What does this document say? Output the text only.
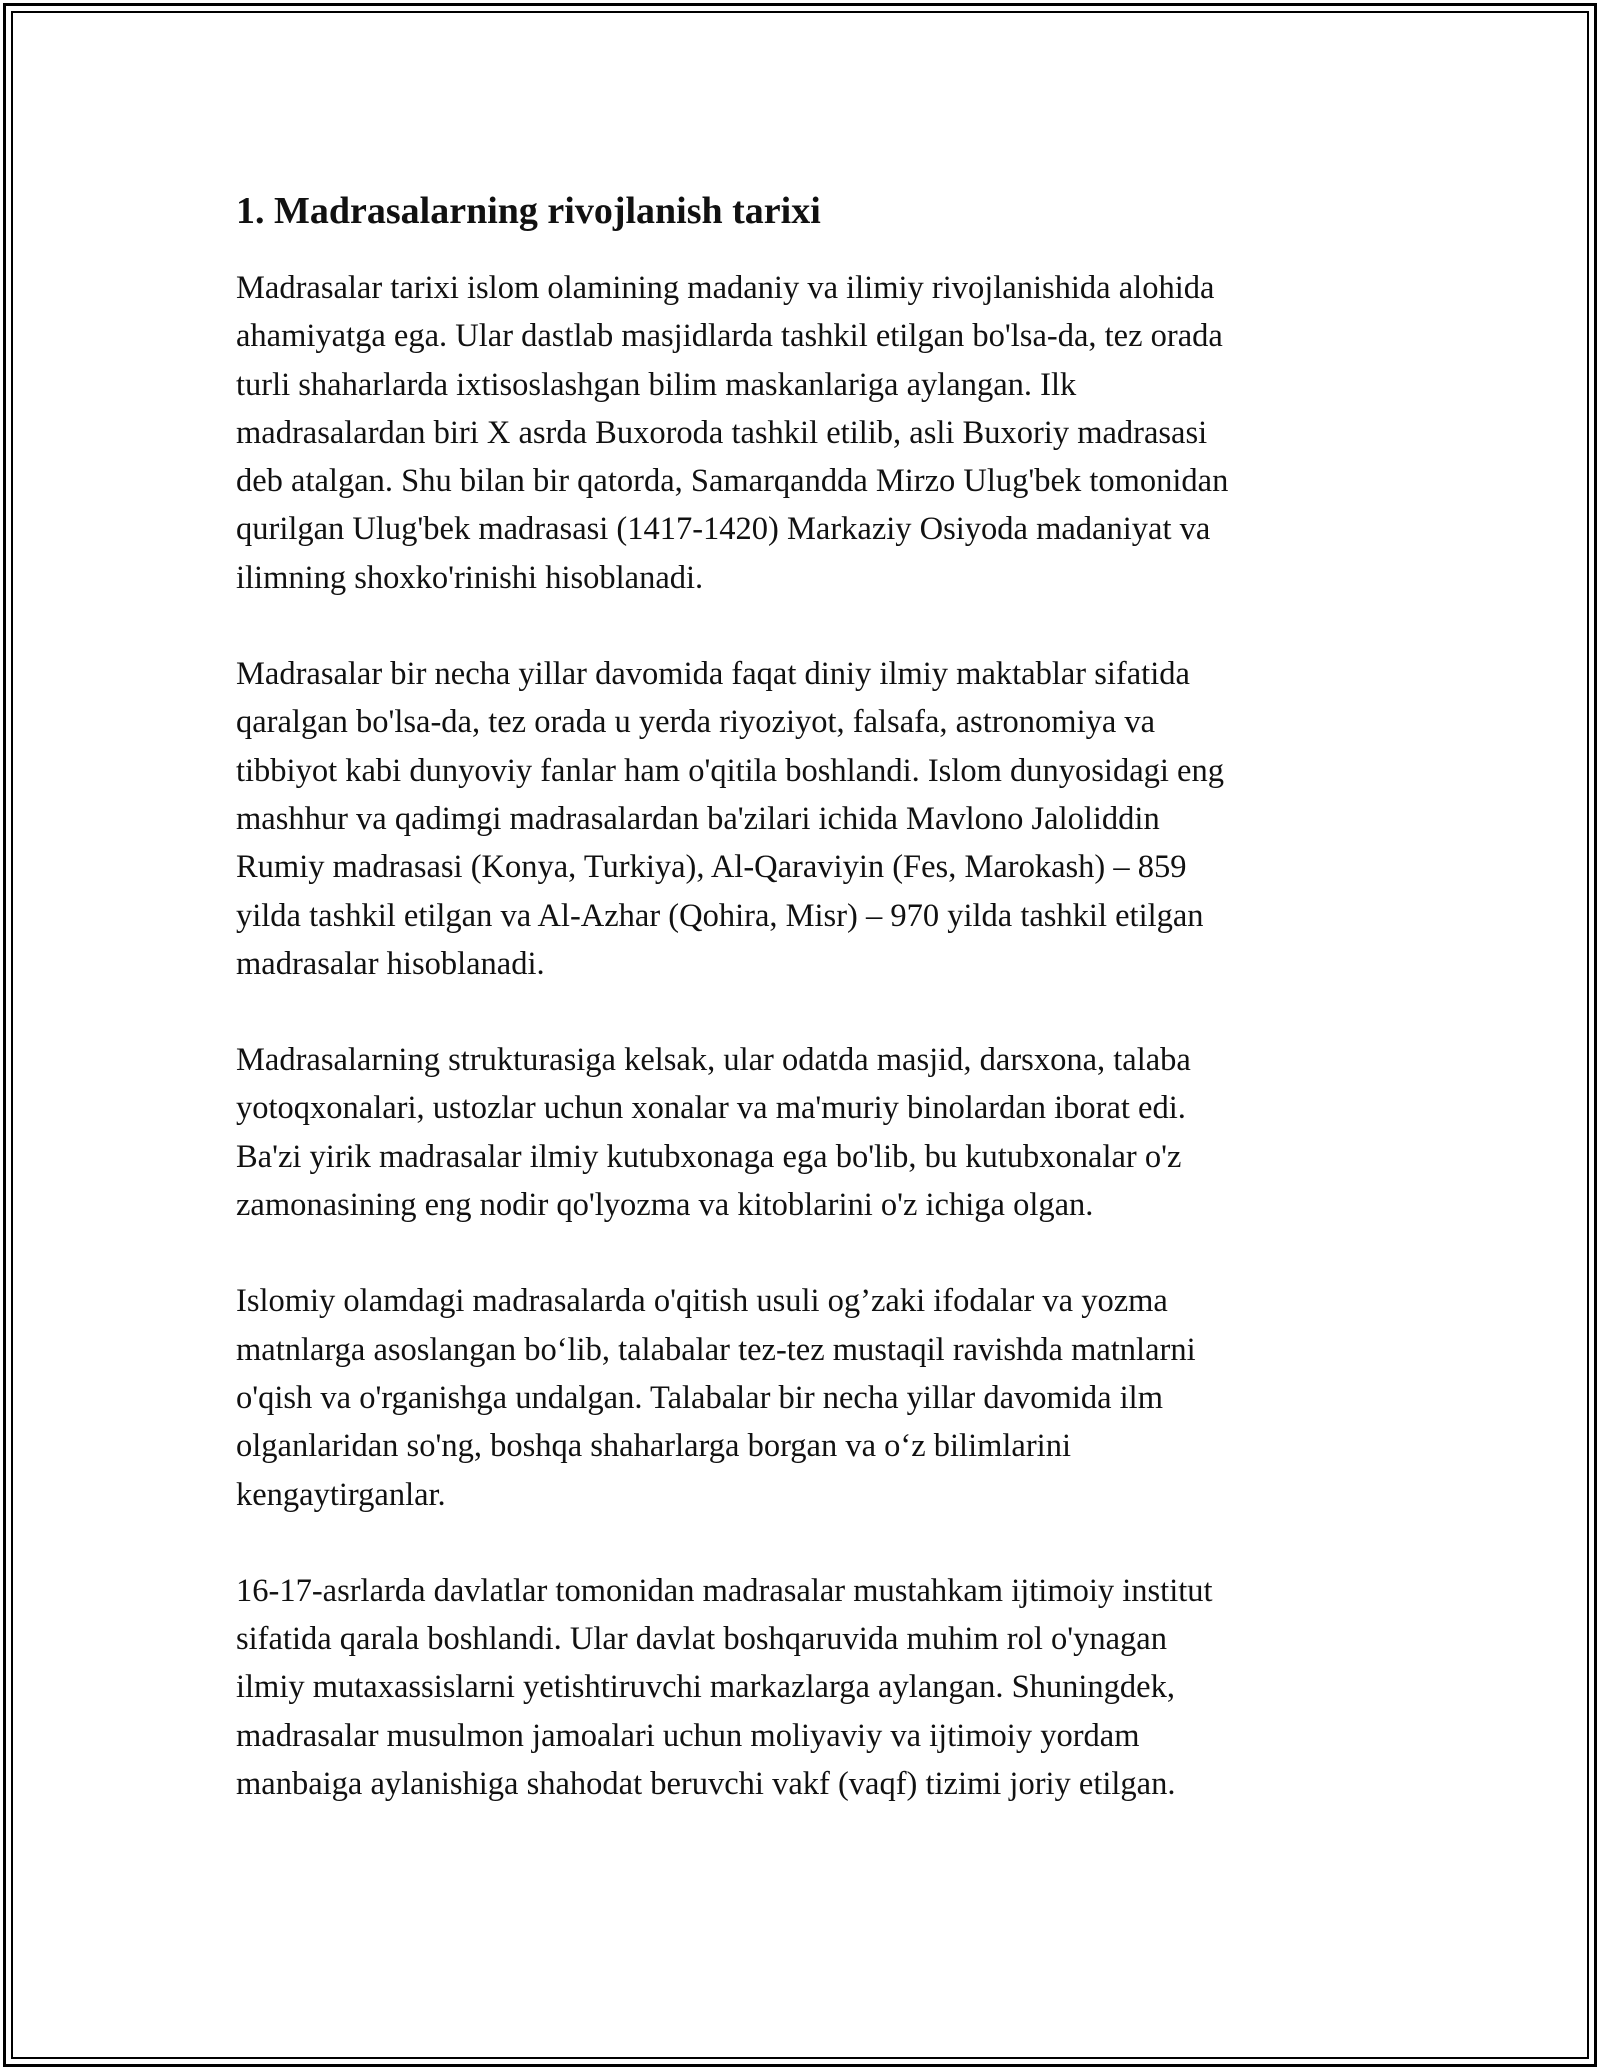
1. Madrasalarning rivojlanish tarixi

Madrasalar tarixi islom olamining madaniy va ilimiy rivojlanishida alohida
ahamiyatga ega. Ular dastlab masjidlarda tashkil etilgan bo'lsa-da, tez orada
turli shaharlarda ixtisoslashgan bilim maskanlariga aylangan. Ilk
madrasalardan biri X asrda Buxoroda tashkil etilib, asli Buxoriy madrasasi
deb atalgan. Shu bilan bir qatorda, Samarqandda Mirzo Ulug'bek tomonidan
qurilgan Ulug'bek madrasasi (1417-1420) Markaziy Osiyoda madaniyat va
ilimning shoxko'rinishi hisoblanadi.

Madrasalar bir necha yillar davomida faqat diniy ilmiy maktablar sifatida
qaralgan bo'lsa-da, tez orada u yerda riyoziyot, falsafa, astronomiya va
tibbiyot kabi dunyoviy fanlar ham o'qitila boshlandi. Islom dunyosidagi eng
mashhur va qadimgi madrasalardan ba'zilari ichida Mavlono Jaloliddin
Rumiy madrasasi (Konya, Turkiya), Al-Qaraviyin (Fes, Marokash) – 859
yilda tashkil etilgan va Al-Azhar (Qohira, Misr) – 970 yilda tashkil etilgan
madrasalar hisoblanadi.

Madrasalarning strukturasiga kelsak, ular odatda masjid, darsxona, talaba
yotoqxonalari, ustozlar uchun xonalar va ma'muriy binolardan iborat edi.
Ba'zi yirik madrasalar ilmiy kutubxonaga ega bo'lib, bu kutubxonalar o'z
zamonasining eng nodir qo'lyozma va kitoblarini o'z ichiga olgan.

Islomiy olamdagi madrasalarda o'qitish usuli og’zaki ifodalar va yozma
matnlarga asoslangan bo‘lib, talabalar tez-tez mustaqil ravishda matnlarni
o'qish va o'rganishga undalgan. Talabalar bir necha yillar davomida ilm
olganlaridan so'ng, boshqa shaharlarga borgan va o‘z bilimlarini
kengaytirganlar.

16-17-asrlarda davlatlar tomonidan madrasalar mustahkam ijtimoiy institut
sifatida qarala boshlandi. Ular davlat boshqaruvida muhim rol o'ynagan
ilmiy mutaxassislarni yetishtiruvchi markazlarga aylangan. Shuningdek,
madrasalar musulmon jamoalari uchun moliyaviy va ijtimoiy yordam
manbaiga aylanishiga shahodat beruvchi vakf (vaqf) tizimi joriy etilgan.
